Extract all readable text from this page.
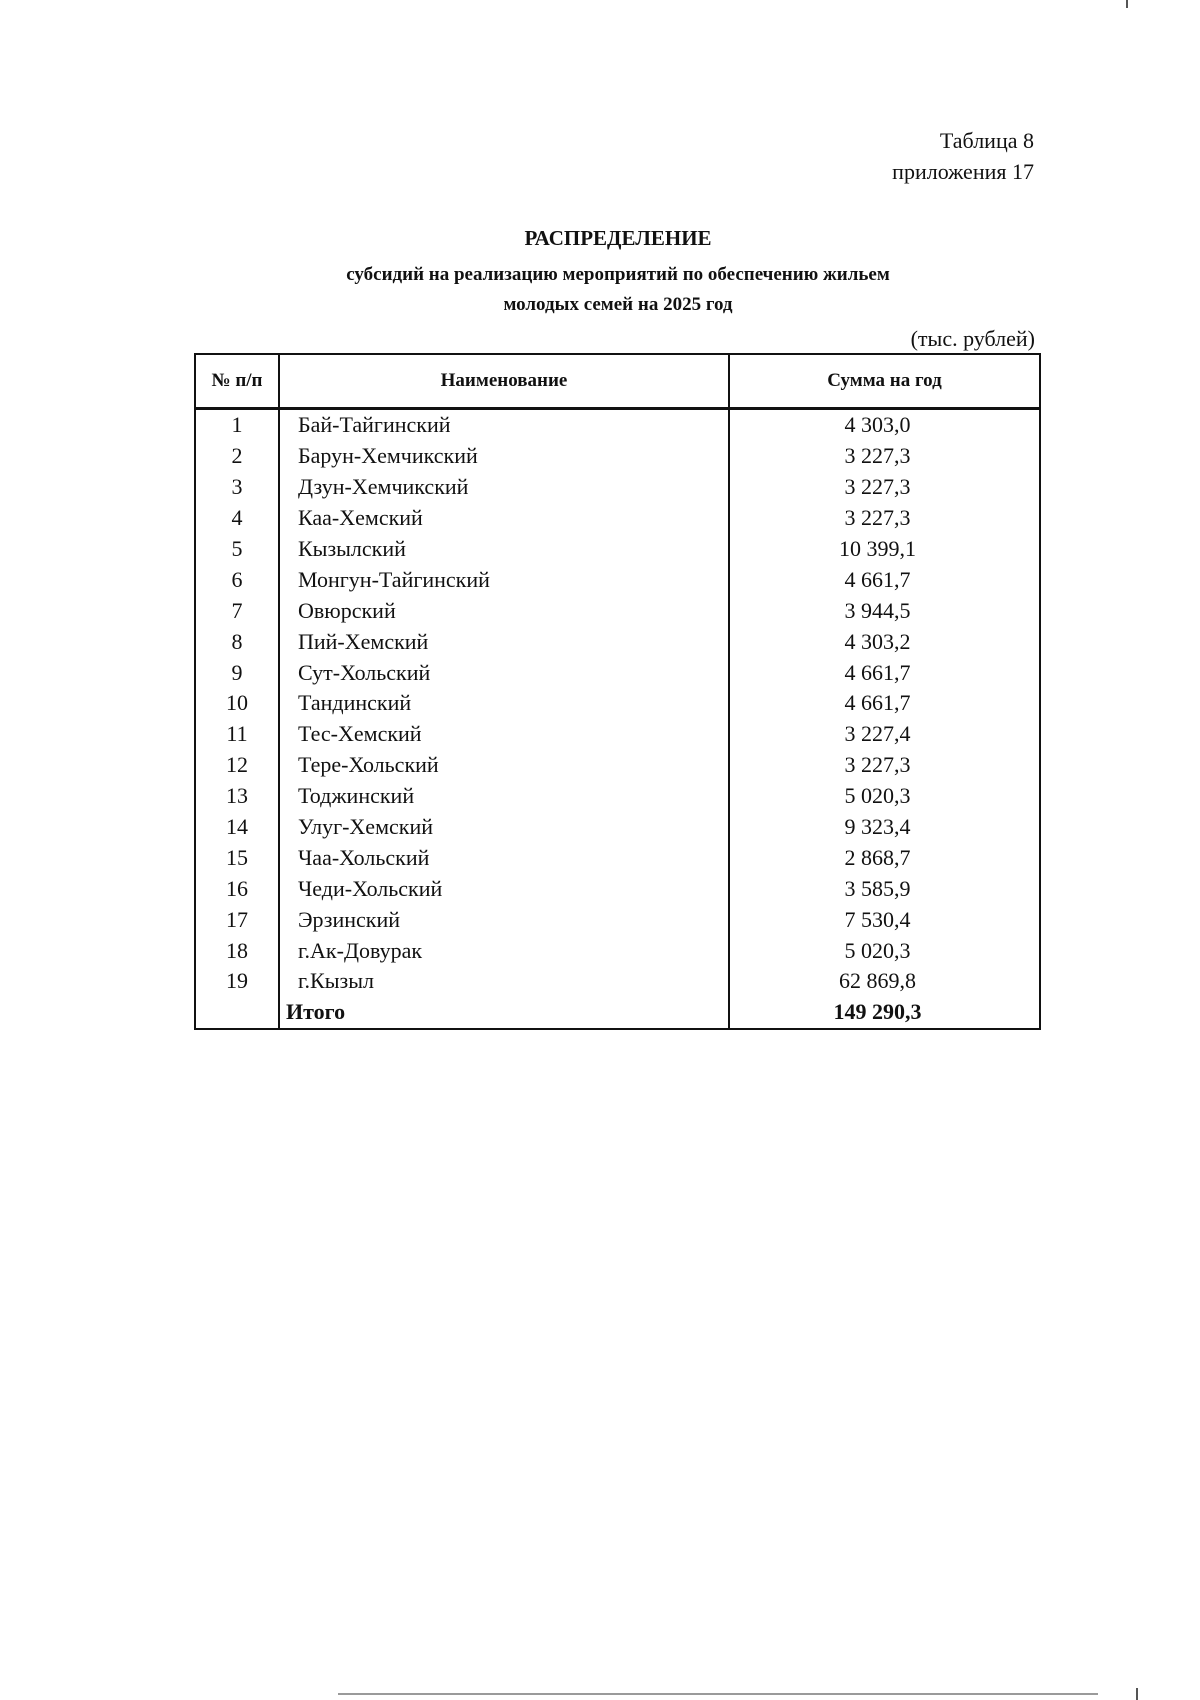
Таблица 8
приложения 17
РАСПРЕДЕЛЕНИЕ
субсидий на реализацию мероприятий по обеспечению жильем
молодых семей на 2025 год
(тыс. рублей)
№ п/п	Наименование	Сумма на год
1	Бай-Тайгинский	4 303,0
2	Барун-Хемчикский	3 227,3
3	Дзун-Хемчикский	3 227,3
4	Каа-Хемский	3 227,3
5	Кызылский	10 399,1
6	Монгун-Тайгинский	4 661,7
7	Овюрский	3 944,5
8	Пий-Хемский	4 303,2
9	Сут-Хольский	4 661,7
10	Тандинский	4 661,7
11	Тес-Хемский	3 227,4
12	Тере-Хольский	3 227,3
13	Тоджинский	5 020,3
14	Улуг-Хемский	9 323,4
15	Чаа-Хольский	2 868,7
16	Чеди-Хольский	3 585,9
17	Эрзинский	7 530,4
18	г.Ак-Довурак	5 020,3
19	г.Кызыл	62 869,8
	Итого	149 290,3
